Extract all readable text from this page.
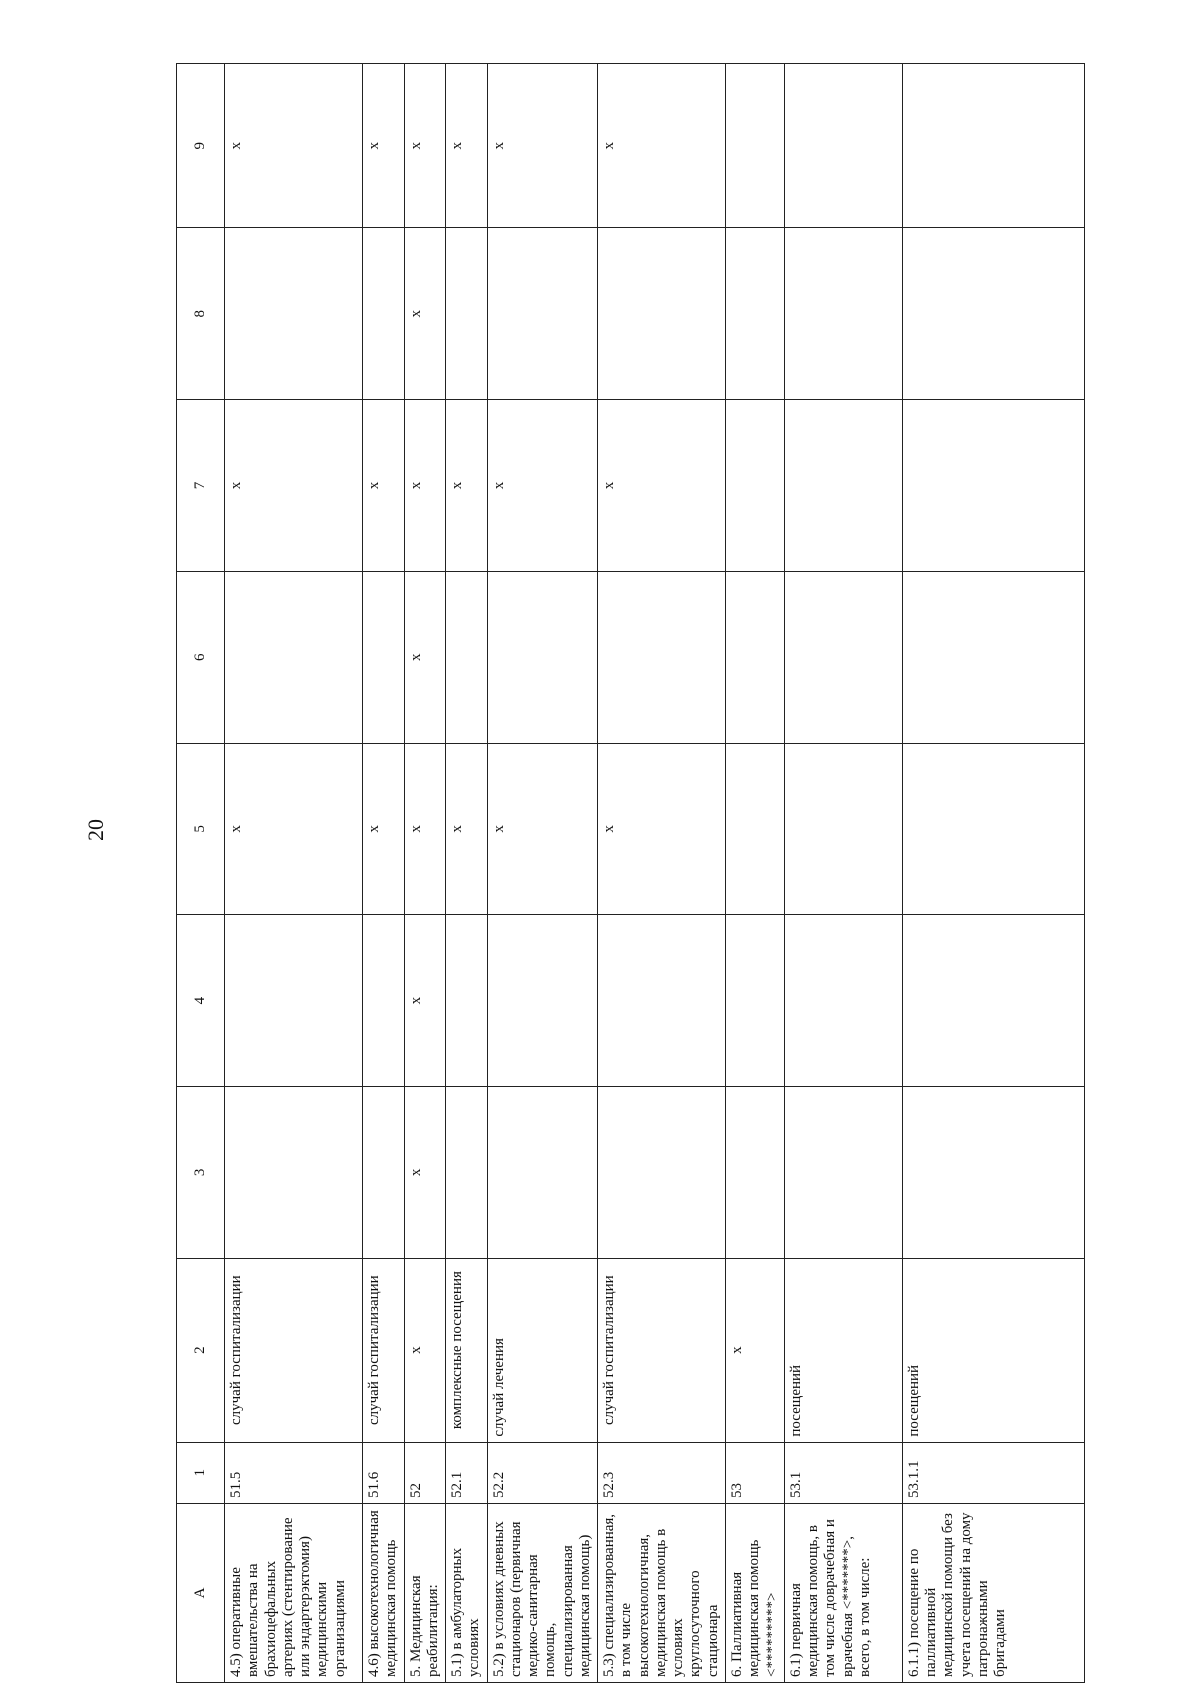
20
A	1	2	3	4	5	6	7	8	9
4.5) оперативные вмешательства на брахиоцефальных артериях (стентирование или эндартерэктомия) медицинскими организациями	51.5	случай госпитализации			х		х		х
4.6) высокотехнологичная медицинская помощь	51.6	случай госпитализации			х		х		х
5. Медицинская реабилитация:	52	х	х	х	х	х	х	х	х
5.1) в амбулаторных условиях	52.1	комплексные посещения			х		х		х
5.2) в условиях дневных стационаров (первичная медико-санитарная помощь, специализированная медицинская помощь)	52.2	случай лечения			х		х		х
5.3) специализированная, в том числе высокотехнологичная, медицинская помощь в условиях круглосуточного стационара	52.3	случай госпитализации			х		х		х
6. Паллиативная медицинская помощь <*********>	53	х							
6.1) первичная медицинская помощь, в том числе доврачебная и врачебная <*******>, всего, в том числе:	53.1	посещений							
6.1.1) посещение по паллиативной медицинской помощи без учета посещений на дому патронажными бригадами	53.1.1	посещений							
